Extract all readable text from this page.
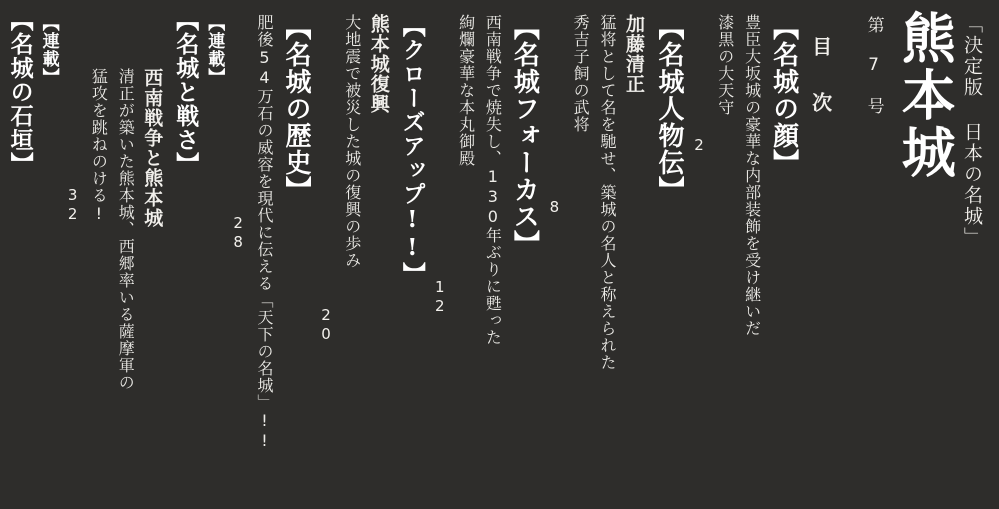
「決定版 日本の名城」
熊本城
第 7 号
目 次
【名城の顔】
豊臣大坂城の豪華な内部装飾を受け継いだ
漆黒の大天守
2
【名城人物伝】
加藤清正
猛将として名を馳せ、築城の名人と称えられた
秀吉子飼の武将
8
【名城フォーカス】
西南戦争で焼失し、130年ぶりに甦った
絢爛豪華な本丸御殿
12
【クローズアップ!!】
熊本城復興
大地震で被災した城の復興の歩み
20
【名城の歴史】
肥後54万石の威容を現代に伝える「天下の名城」!!
28
【連載】
【名城と戦さ】
西南戦争と熊本城
清正が築いた熊本城、西郷率いる薩摩軍の
猛攻を跳ねのける!
32
【連載】
【名城の石垣】
